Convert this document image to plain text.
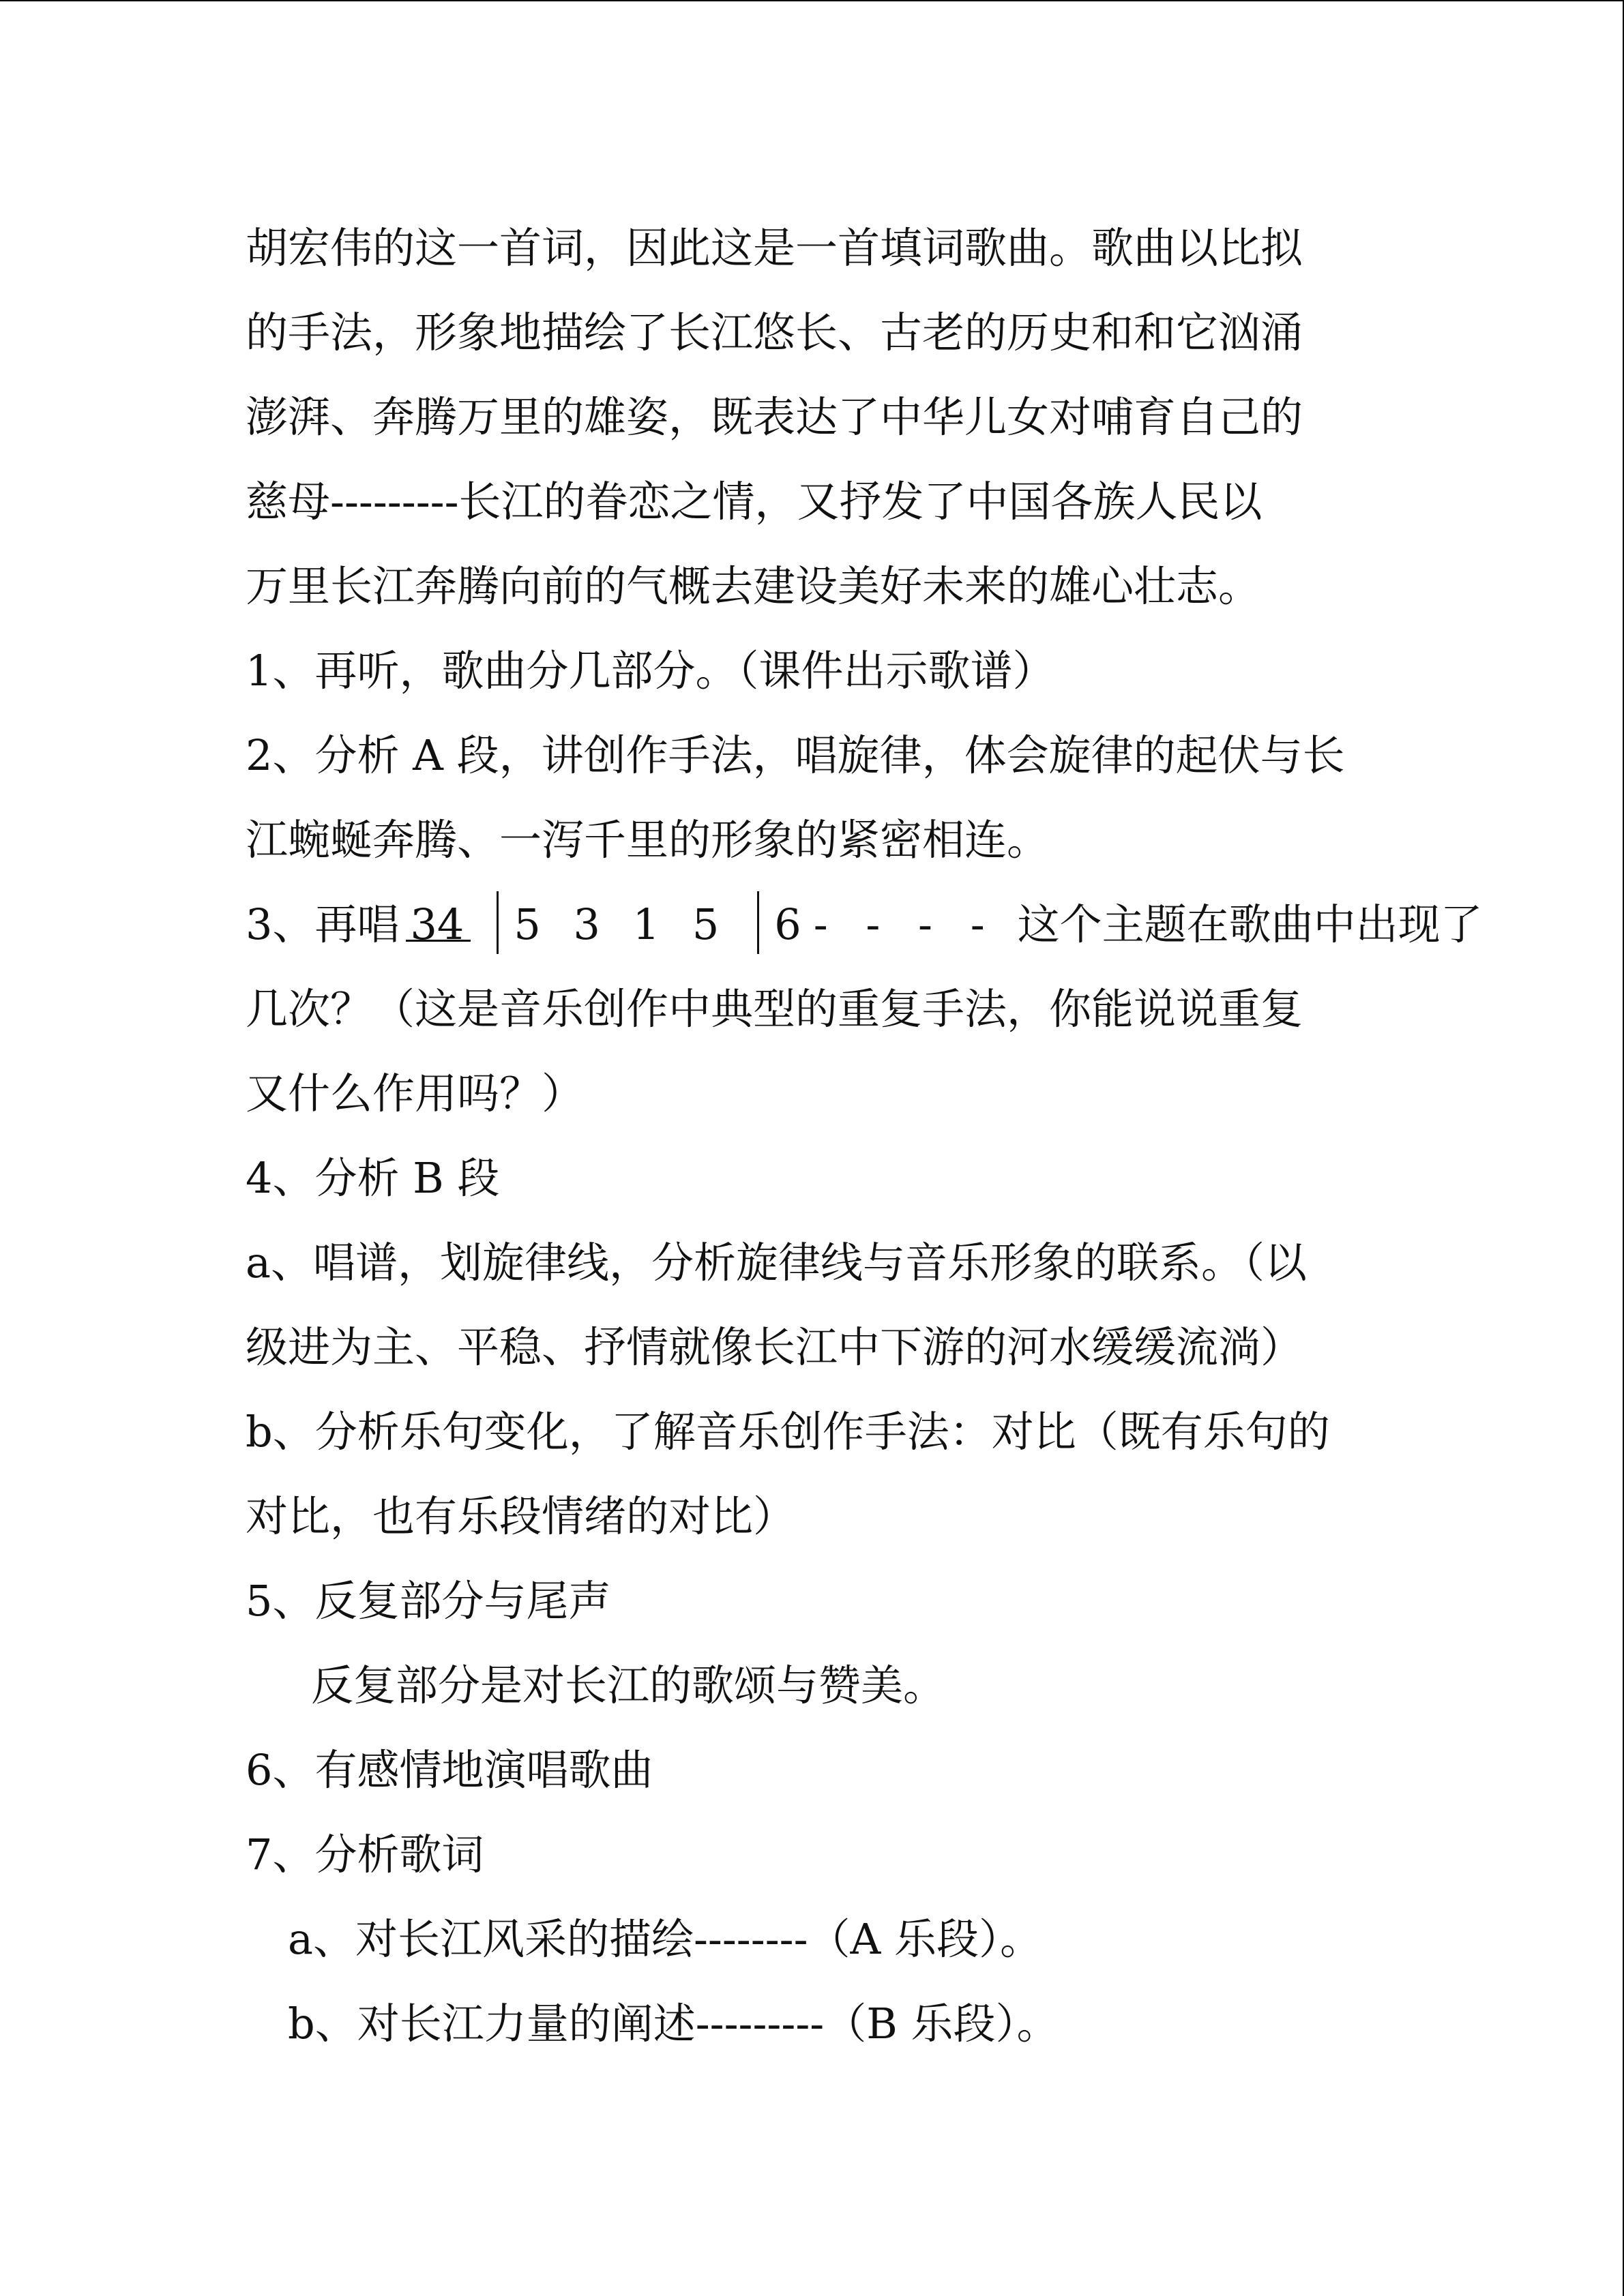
胡宏伟的这一首词，因此这是一首填词歌曲。歌曲以比拟
的手法，形象地描绘了长江悠长、古老的历史和和它汹涌
澎湃、奔腾万里的雄姿，既表达了中华儿女对哺育自己的
慈母---------长江的眷恋之情，又抒发了中国各族人民以
万里长江奔腾向前的气概去建设美好未来的雄心壮志。
1、再听，歌曲分几部分。（课件出示歌谱）
2、分析 A 段，讲创作手法，唱旋律，体会旋律的起伏与长
江蜿蜒奔腾、一泻千里的形象的紧密相连。
3、再唱 34 5 3 1 5 6- - - - 这个主题在歌曲中出现了
几次？（这是音乐创作中典型的重复手法，你能说说重复
又什么作用吗？）
4、分析 B 段
a、唱谱，划旋律线，分析旋律线与音乐形象的联系。（以
级进为主、平稳、抒情就像长江中下游的河水缓缓流淌）
b、分析乐句变化，了解音乐创作手法：对比（既有乐句的
对比，也有乐段情绪的对比）
5、反复部分与尾声
反复部分是对长江的歌颂与赞美。
6、有感情地演唱歌曲
7、分析歌词
a、对长江风采的描绘--------（A 乐段）。
b、对长江力量的阐述---------（B 乐段）。
